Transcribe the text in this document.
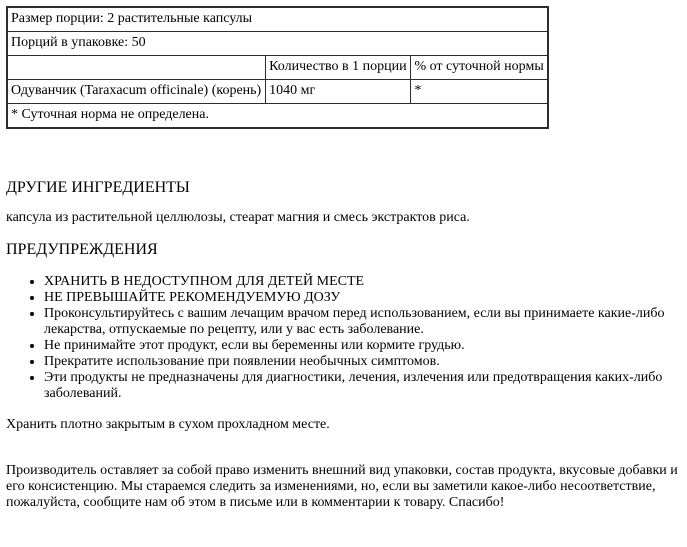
Размер порции: 2 растительные капсулы		
Порций в упаковке: 50		
	Количество в 1 порции	% от суточной нормы
Одуванчик (Taraxacum officinale) (корень)	1040 мг	*
* Суточная норма не определена.		
ДРУГИЕ ИНГРЕДИЕНТЫ

капсула из растительной целлюлозы, стеарат магния и смесь экстрактов риса.

ПРЕДУПРЕЖДЕНИЯ
• ХРАНИТЬ В НЕДОСТУПНОМ ДЛЯ ДЕТЕЙ МЕСТЕ
• НЕ ПРЕВЫШАЙТЕ РЕКОМЕНДУЕМУЮ ДОЗУ
• Проконсультируйтесь с вашим лечащим врачом перед использованием, если вы принимаете какие-либо лекарства, отпускаемые по рецепту, или у вас есть заболевание.
• Не принимайте этот продукт, если вы беременны или кормите грудью.
• Прекратите использование при появлении необычных симптомов.
• Эти продукты не предназначены для диагностики, лечения, излечения или предотвращения каких-либо заболеваний.

Хранить плотно закрытым в сухом прохладном месте.

Производитель оставляет за собой право изменить внешний вид упаковки, состав продукта, вкусовые добавки и его консистенцию. Мы стараемся следить за изменениями, но, если вы заметили какое-либо несоответствие, пожалуйста, сообщите нам об этом в письме или в комментарии к товару. Спасибо!
